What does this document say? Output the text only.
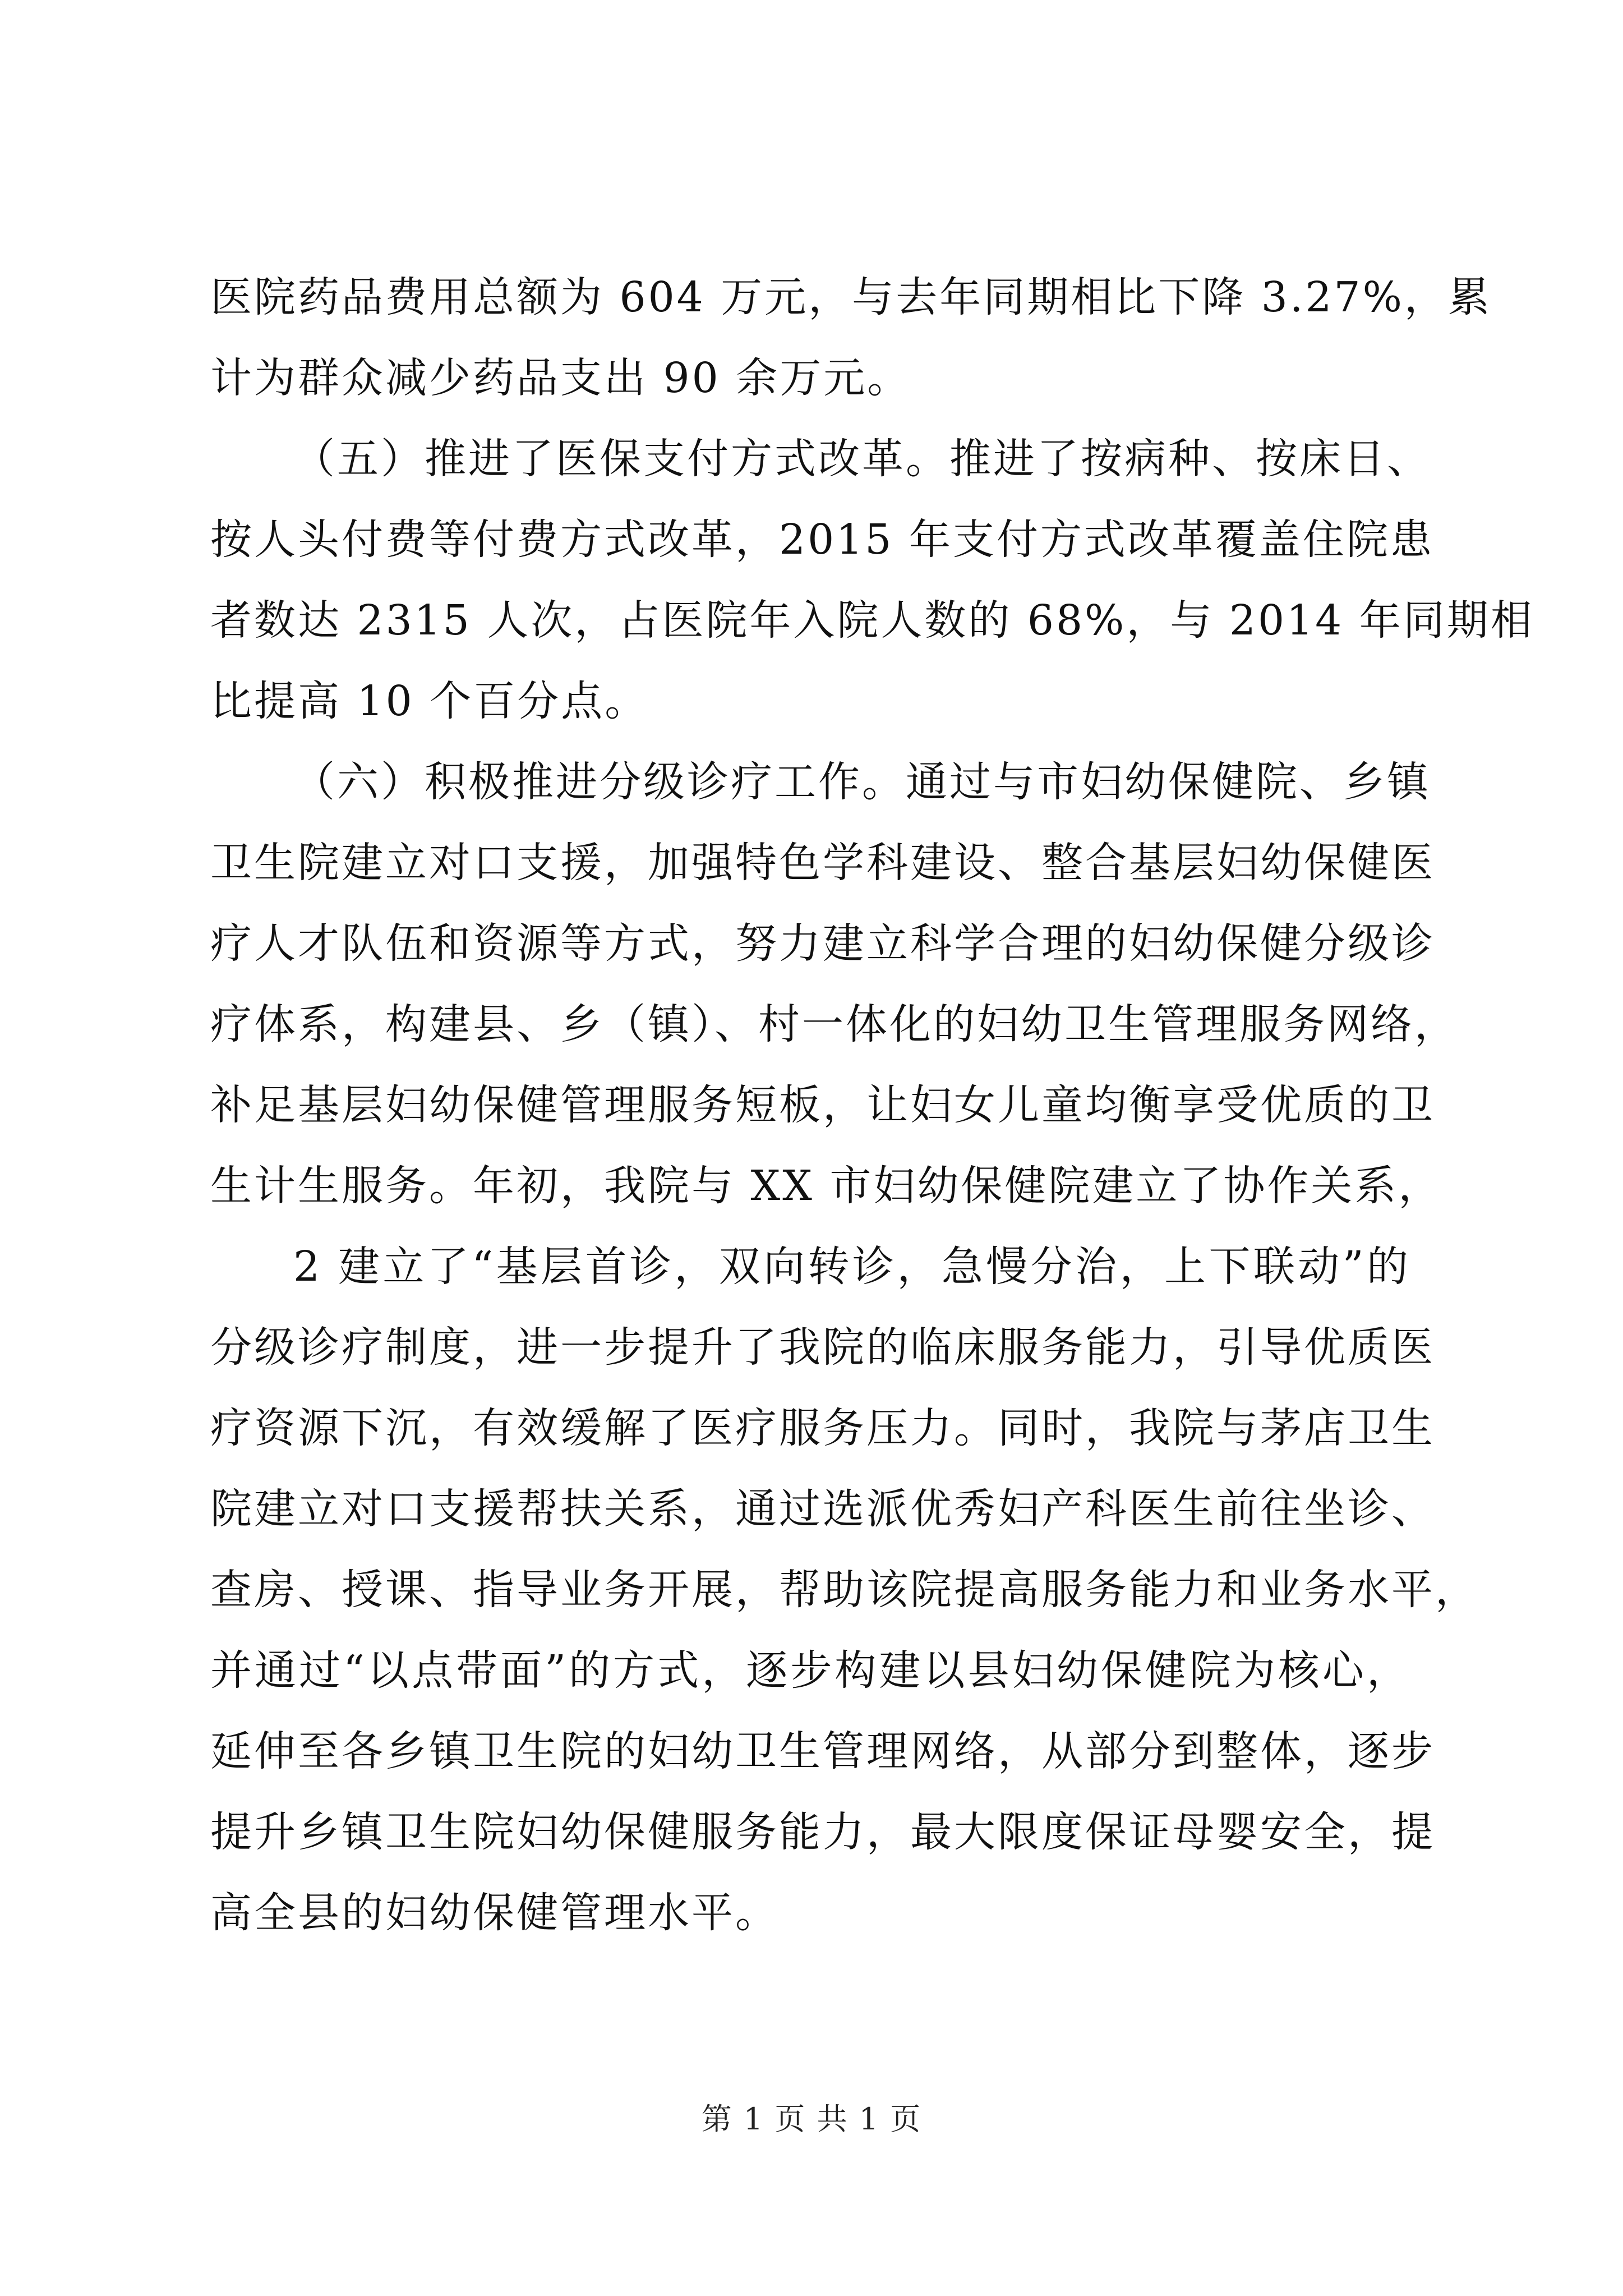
医院药品费用总额为 604 万元，与去年同期相比下降 3.27%，累
计为群众减少药品支出 90 余万元。
（五）推进了医保支付方式改革。推进了按病种、按床日、
按人头付费等付费方式改革，2015 年支付方式改革覆盖住院患
者数达 2315 人次，占医院年入院人数的 68%，与 2014 年同期相
比提高 10 个百分点。
（六）积极推进分级诊疗工作。通过与市妇幼保健院、乡镇
卫生院建立对口支援，加强特色学科建设、整合基层妇幼保健医
疗人才队伍和资源等方式，努力建立科学合理的妇幼保健分级诊
疗体系，构建县、乡（镇）、村一体化的妇幼卫生管理服务网络，
补足基层妇幼保健管理服务短板，让妇女儿童均衡享受优质的卫
生计生服务。年初，我院与 XX 市妇幼保健院建立了协作关系，
2 建立了“基层首诊，双向转诊，急慢分治，上下联动”的
分级诊疗制度，进一步提升了我院的临床服务能力，引导优质医
疗资源下沉，有效缓解了医疗服务压力。同时，我院与茅店卫生
院建立对口支援帮扶关系，通过选派优秀妇产科医生前往坐诊、
查房、授课、指导业务开展，帮助该院提高服务能力和业务水平，
并通过“以点带面”的方式，逐步构建以县妇幼保健院为核心，
延伸至各乡镇卫生院的妇幼卫生管理网络，从部分到整体，逐步
提升乡镇卫生院妇幼保健服务能力，最大限度保证母婴安全，提
高全县的妇幼保健管理水平。
第 1 页 共 1 页
